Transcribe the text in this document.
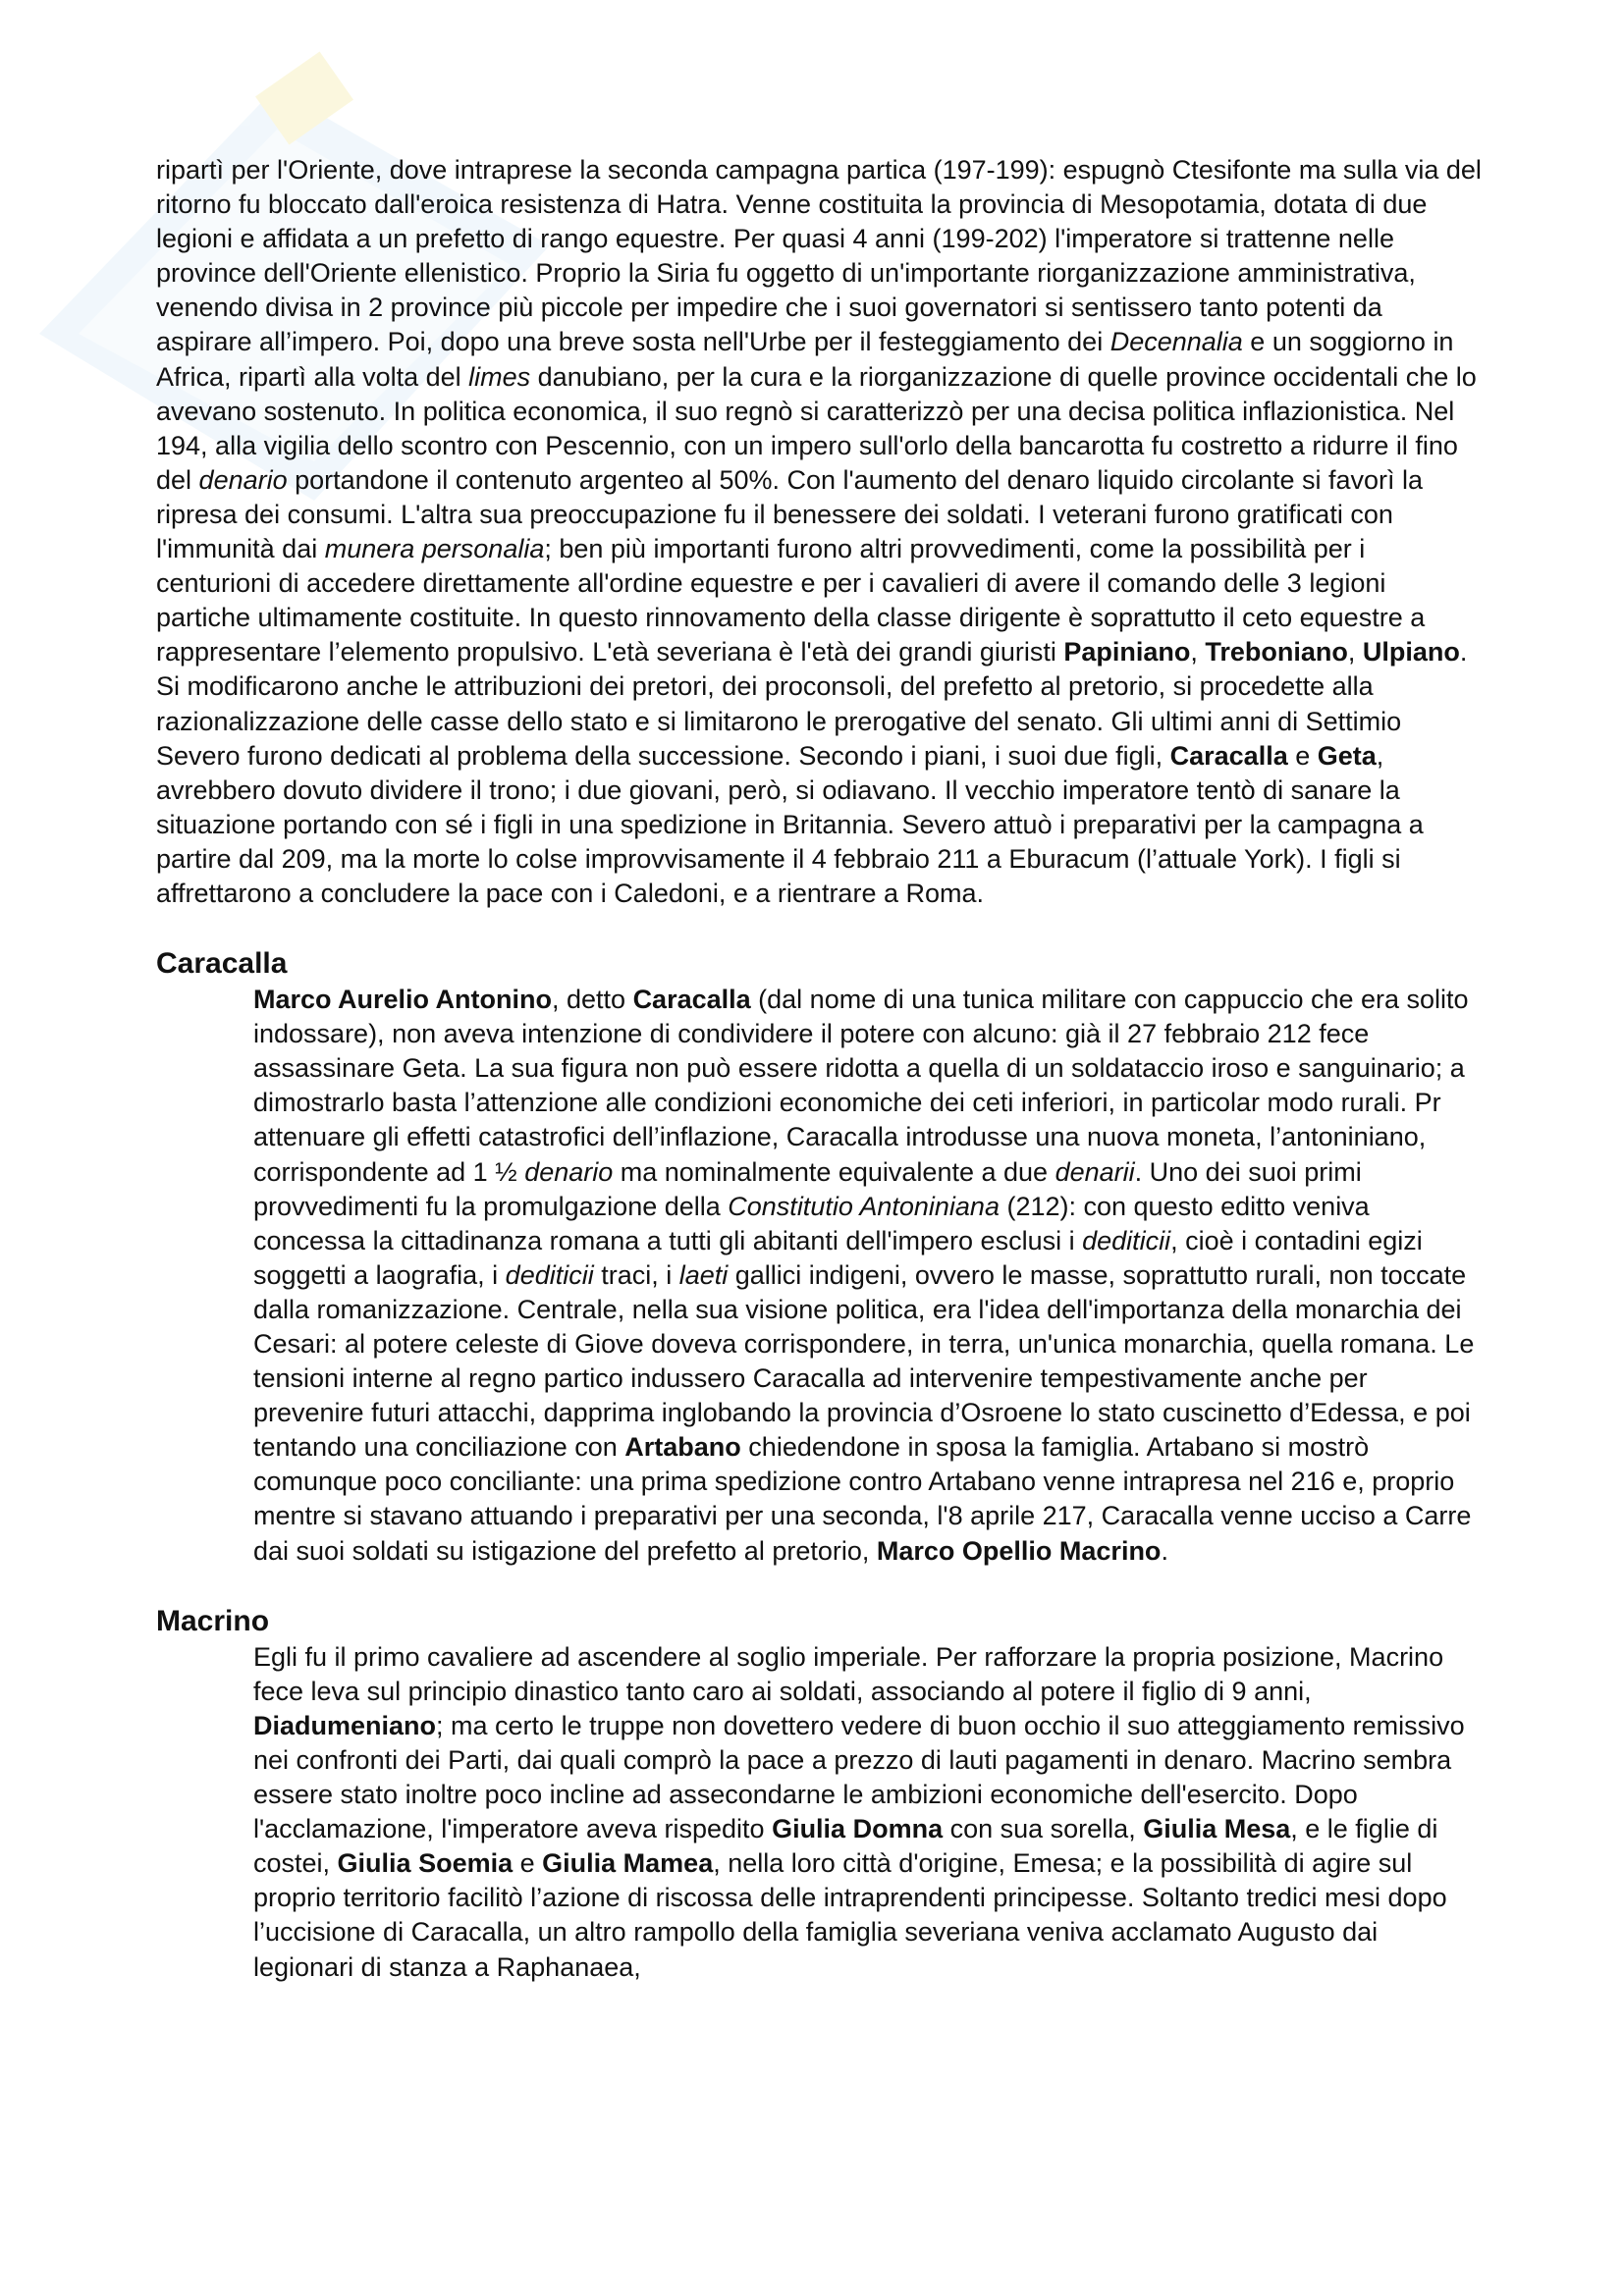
ripartì per l'Oriente, dove intraprese la seconda campagna partica (197-199): espugnò Ctesifonte ma sulla via del ritorno fu bloccato dall'eroica resistenza di Hatra. Venne costituita la provincia di Mesopotamia, dotata di due legioni e affidata a un prefetto di rango equestre. Per quasi 4 anni (199-202) l'imperatore si trattenne nelle province dell'Oriente ellenistico. Proprio la Siria fu oggetto di un'importante riorganizzazione amministrativa, venendo divisa in 2 province più piccole per impedire che i suoi governatori si sentissero tanto potenti da aspirare all’impero. Poi, dopo una breve sosta nell'Urbe per il festeggiamento dei Decennalia e un soggiorno in Africa, ripartì alla volta del limes danubiano, per la cura e la riorganizzazione di quelle province occidentali che lo avevano sostenuto. In politica economica, il suo regnò si caratterizzò per una decisa politica inflazionistica. Nel 194, alla vigilia dello scontro con Pescennio, con un impero sull'orlo della bancarotta fu costretto a ridurre il fino del denario portandone il contenuto argenteo al 50%. Con l'aumento del denaro liquido circolante si favorì la ripresa dei consumi. L'altra sua preoccupazione fu il benessere dei soldati. I veterani furono gratificati con l'immunità dai munera personalia; ben più importanti furono altri provvedimenti, come la possibilità per i centurioni di accedere direttamente all'ordine equestre e per i cavalieri di avere il comando delle 3 legioni partiche ultimamente costituite. In questo rinnovamento della classe dirigente è soprattutto il ceto equestre a rappresentare l’elemento propulsivo. L'età severiana è l'età dei grandi giuristi Papiniano, Treboniano, Ulpiano. Si modificarono anche le attribuzioni dei pretori, dei proconsoli, del prefetto al pretorio, si procedette alla razionalizzazione delle casse dello stato e si limitarono le prerogative del senato. Gli ultimi anni di Settimio Severo furono dedicati al problema della successione. Secondo i piani, i suoi due figli, Caracalla e Geta, avrebbero dovuto dividere il trono; i due giovani, però, si odiavano. Il vecchio imperatore tentò di sanare la situazione portando con sé i figli in una spedizione in Britannia. Severo attuò i preparativi per la campagna a partire dal 209, ma la morte lo colse improvvisamente il 4 febbraio 211 a Eburacum (l’attuale York). I figli si affrettarono a concludere la pace con i Caledoni, e a rientrare a Roma.

Caracalla

Marco Aurelio Antonino, detto Caracalla (dal nome di una tunica militare con cappuccio che era solito indossare), non aveva intenzione di condividere il potere con alcuno: già il 27 febbraio 212 fece assassinare Geta. La sua figura non può essere ridotta a quella di un soldataccio iroso e sanguinario; a dimostrarlo basta l’attenzione alle condizioni economiche dei ceti inferiori, in particolar modo rurali. Pr attenuare gli effetti catastrofici dell’inflazione, Caracalla introdusse una nuova moneta, l’antoniniano, corrispondente ad 1 ½ denario ma nominalmente equivalente a due denarii. Uno dei suoi primi provvedimenti fu la promulgazione della Constitutio Antoniniana (212): con questo editto veniva concessa la cittadinanza romana a tutti gli abitanti dell'impero esclusi i dediticii, cioè i contadini egizi soggetti a laografia, i dediticii traci, i laeti gallici indigeni, ovvero le masse, soprattutto rurali, non toccate dalla romanizzazione. Centrale, nella sua visione politica, era l'idea dell'importanza della monarchia dei Cesari: al potere celeste di Giove doveva corrispondere, in terra, un'unica monarchia, quella romana. Le tensioni interne al regno partico indussero Caracalla ad intervenire tempestivamente anche per prevenire futuri attacchi, dapprima inglobando la provincia d’Osroene lo stato cuscinetto d’Edessa, e poi tentando una conciliazione con Artabano chiedendone in sposa la famiglia. Artabano si mostrò comunque poco conciliante: una prima spedizione contro Artabano venne intrapresa nel 216 e, proprio mentre si stavano attuando i preparativi per una seconda, l'8 aprile 217, Caracalla venne ucciso a Carre dai suoi soldati su istigazione del prefetto al pretorio, Marco Opellio Macrino.

Macrino

Egli fu il primo cavaliere ad ascendere al soglio imperiale. Per rafforzare la propria posizione, Macrino fece leva sul principio dinastico tanto caro ai soldati, associando al potere il figlio di 9 anni, Diadumeniano; ma certo le truppe non dovettero vedere di buon occhio il suo atteggiamento remissivo nei confronti dei Parti, dai quali comprò la pace a prezzo di lauti pagamenti in denaro. Macrino sembra essere stato inoltre poco incline ad assecondarne le ambizioni economiche dell'esercito. Dopo l'acclamazione, l'imperatore aveva rispedito Giulia Domna con sua sorella, Giulia Mesa, e le figlie di costei, Giulia Soemia e Giulia Mamea, nella loro città d'origine, Emesa; e la possibilità di agire sul proprio territorio facilitò l’azione di riscossa delle intraprendenti principesse. Soltanto tredici mesi dopo l’uccisione di Caracalla, un altro rampollo della famiglia severiana veniva acclamato Augusto dai legionari di stanza a Raphanaea,
